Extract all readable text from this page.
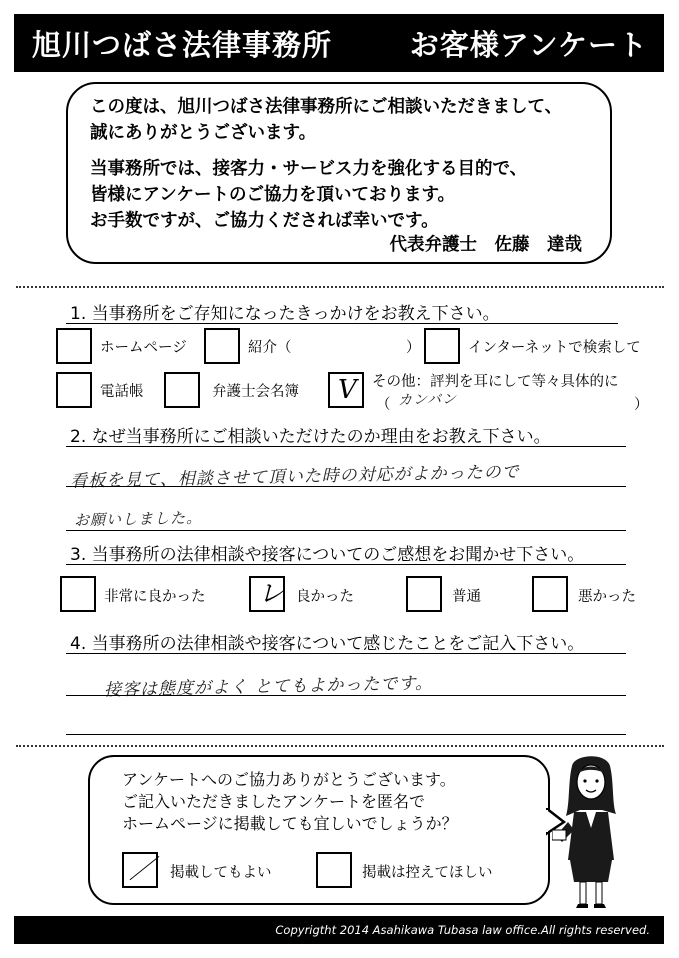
旭川つばさ法律事務所	お客様アンケート
この度は、旭川つばさ法律事務所にご相談いただきまして、
誠にありがとうございます。
当事務所では、接客力・サービス力を強化する目的で、
皆様にアンケートのご協力を頂いております。
お手数ですが、ご協力くだされば幸いです。
代表弁護士　佐藤　達哉
1. 当事務所をご存知になったきっかけをお教え下さい。
ホームページ	紹介（	）	インターネットで検索して
電話帳	弁護士会名簿 V その他：評判を耳にして等々具体的に
（ カンバン	）
2. なぜ当事務所にご相談いただけたのか理由をお教え下さい。
看板を見て、相談させて頂いた時の対応がよかったので
お願いしました。
3. 当事務所の法律相談や接客についてのご感想をお聞かせ下さい。
非常に良かった レ 良かった	普通	悪かった
4. 当事務所の法律相談や接客について感じたことをご記入下さい。
接客は態度がよく とてもよかったです。
アンケートへのご協力ありがとうございます。
ご記入いただきましたアンケートを匿名で
ホームページに掲載しても宜しいでしょうか？
／ 掲載してもよい	掲載は控えてほしい
Copyrigtht 2014 Asahikawa Tubasa law office.All rights reserved.
